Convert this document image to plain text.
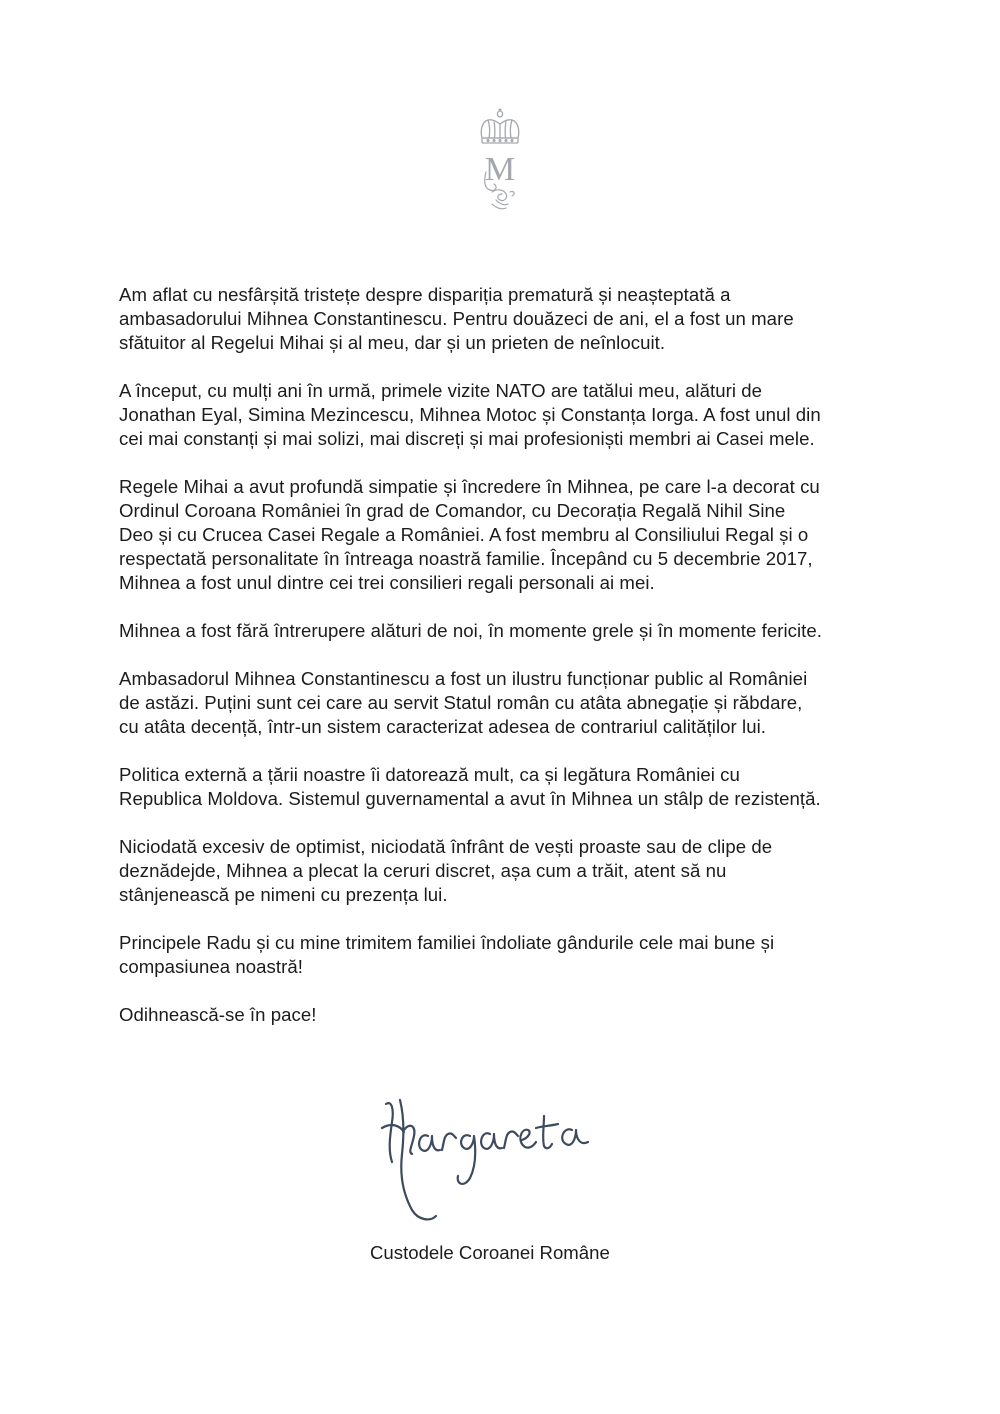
M

Am aflat cu nesfârșită tristețe despre dispariția prematură și neașteptată a
ambasadorului Mihnea Constantinescu. Pentru douăzeci de ani, el a fost un mare
sfătuitor al Regelui Mihai și al meu, dar și un prieten de neînlocuit.

A început, cu mulți ani în urmă, primele vizite NATO are tatălui meu, alături de
Jonathan Eyal, Simina Mezincescu, Mihnea Motoc și Constanța Iorga. A fost unul din
cei mai constanți și mai solizi, mai discreți și mai profesioniști membri ai Casei mele.

Regele Mihai a avut profundă simpatie și încredere în Mihnea, pe care l-a decorat cu
Ordinul Coroana României în grad de Comandor, cu Decorația Regală Nihil Sine
Deo și cu Crucea Casei Regale a României. A fost membru al Consiliului Regal și o
respectată personalitate în întreaga noastră familie. Începând cu 5 decembrie 2017,
Mihnea a fost unul dintre cei trei consilieri regali personali ai mei.

Mihnea a fost fără întrerupere alături de noi, în momente grele și în momente fericite.

Ambasadorul Mihnea Constantinescu a fost un ilustru funcționar public al României
de astăzi. Puțini sunt cei care au servit Statul român cu atâta abnegație și răbdare,
cu atâta decență, într-un sistem caracterizat adesea de contrariul calităților lui.

Politica externă a țării noastre îi datorează mult, ca și legătura României cu
Republica Moldova. Sistemul guvernamental a avut în Mihnea un stâlp de rezistență.

Niciodată excesiv de optimist, niciodată înfrânt de vești proaste sau de clipe de
deznădejde, Mihnea a plecat la ceruri discret, așa cum a trăit, atent să nu
stânjenească pe nimeni cu prezența lui.

Principele Radu și cu mine trimitem familiei îndoliate gândurile cele mai bune și
compasiunea noastră!

Odihnească-se în pace!

Custodele Coroanei Române
